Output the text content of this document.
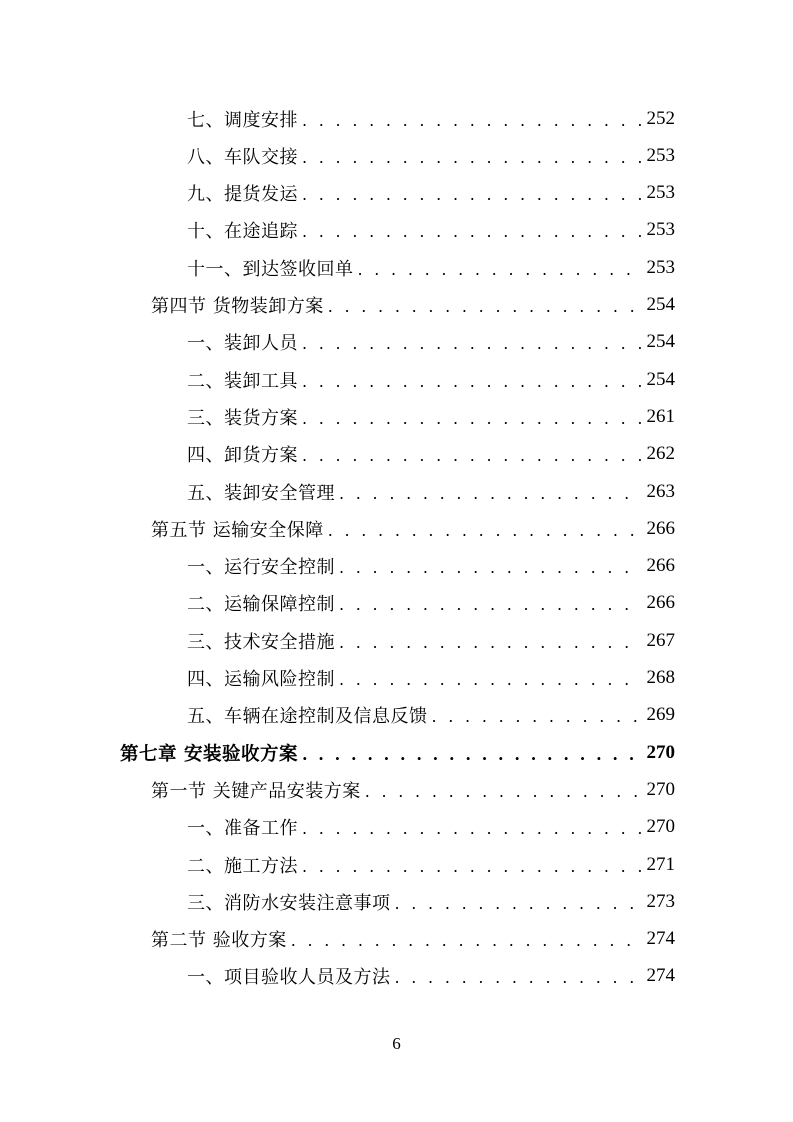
七、调度安排 . . .	252
八、车队交接 . . .	253
九、提货发运 . . .	253
十、在途追踪 . . .	253
十一、到达签收回单 . . .	253
第四节 货物装卸方案 . . .	254
一、装卸人员 . . .	254
二、装卸工具 . . .	254
三、装货方案 . . .	261
四、卸货方案 . . .	262
五、装卸安全管理 . . .	263
第五节 运输安全保障 . . .	266
一、运行安全控制 . . .	266
二、运输保障控制 . . .	266
三、技术安全措施 . . .	267
四、运输风险控制 . . .	268
五、车辆在途控制及信息反馈 . . .	269
第七章 安装验收方案 . . .	270
第一节 关键产品安装方案 . . .	270
一、准备工作 . . .	270
二、施工方法 . . .	271
三、消防水安装注意事项 . . .	273
第二节 验收方案 . . .	274
一、项目验收人员及方法 . . .	274
6
